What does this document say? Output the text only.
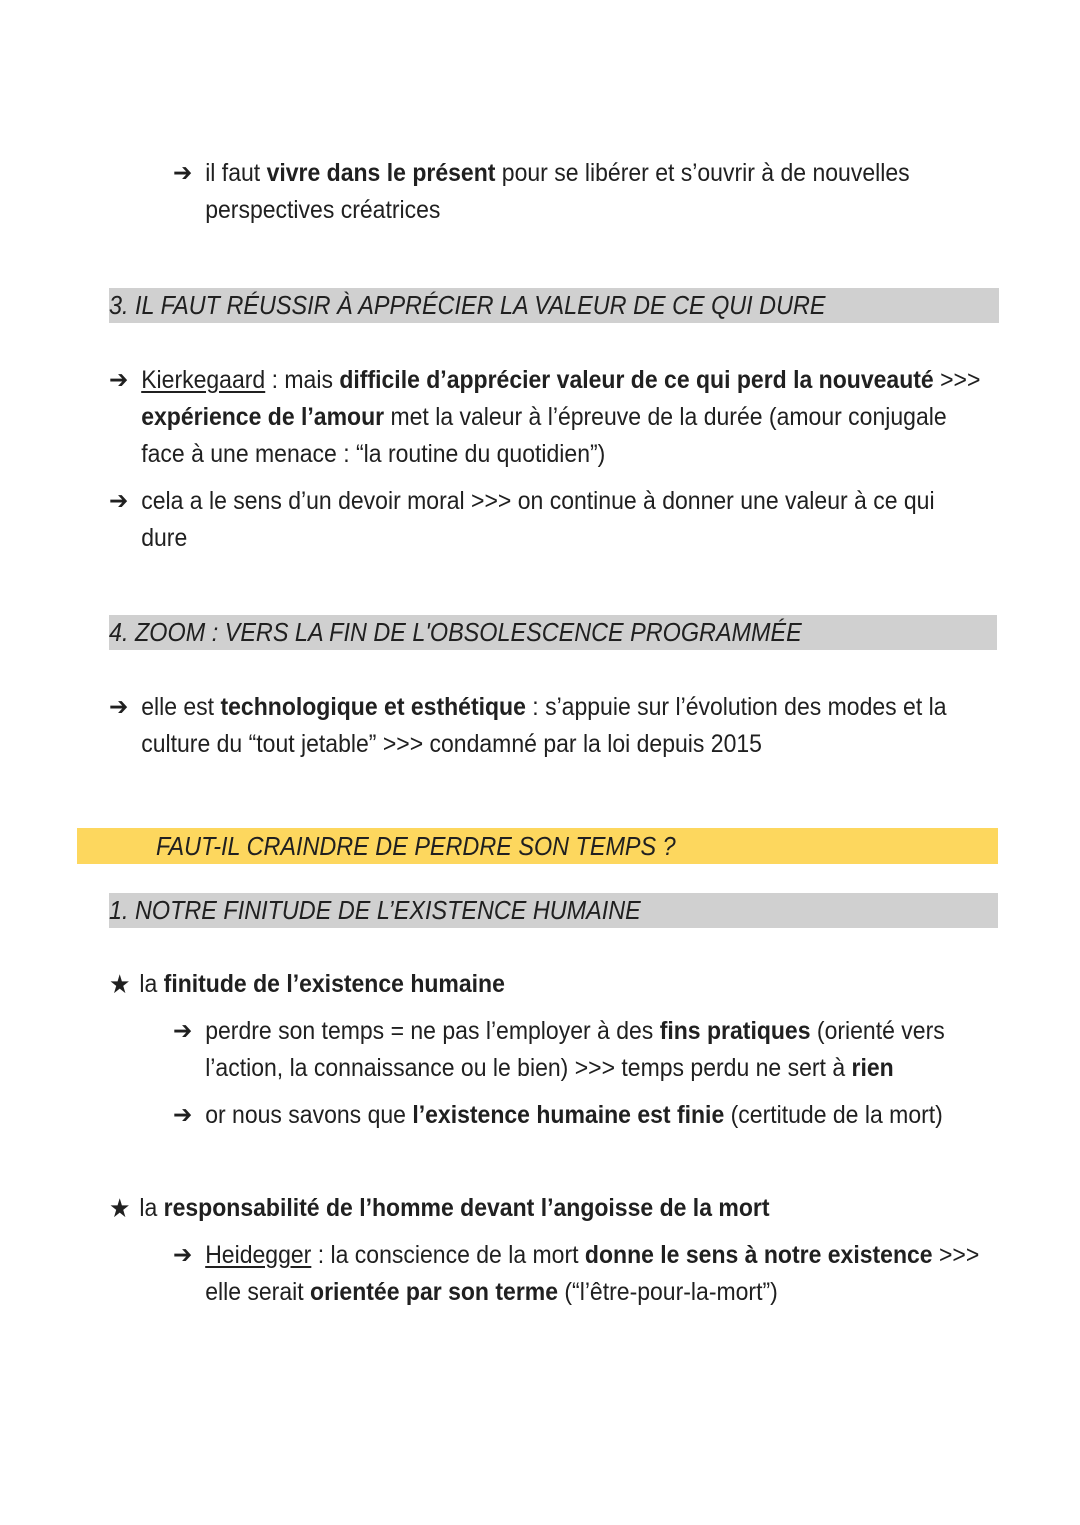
➔ il faut vivre dans le présent pour se libérer et s’ouvrir à de nouvelles
perspectives créatrices
3. IL FAUT RÉUSSIR À APPRÉCIER LA VALEUR DE CE QUI DURE
➔ Kierkegaard : mais difficile d’apprécier valeur de ce qui perd la nouveauté >>>
expérience de l’amour met la valeur à l’épreuve de la durée (amour conjugale
face à une menace : “la routine du quotidien”)
➔ cela a le sens d’un devoir moral >>> on continue à donner une valeur à ce qui
dure
4. ZOOM : VERS LA FIN DE L'OBSOLESCENCE PROGRAMMÉE
➔ elle est technologique et esthétique : s’appuie sur l’évolution des modes et la
culture du “tout jetable” >>> condamné par la loi depuis 2015
FAUT-IL CRAINDRE DE PERDRE SON TEMPS ?
1. NOTRE FINITUDE DE L’EXISTENCE HUMAINE
★ la finitude de l’existence humaine
➔ perdre son temps = ne pas l’employer à des fins pratiques (orienté vers
l’action, la connaissance ou le bien) >>> temps perdu ne sert à rien
➔ or nous savons que l’existence humaine est finie (certitude de la mort)
★ la responsabilité de l’homme devant l’angoisse de la mort
➔ Heidegger : la conscience de la mort donne le sens à notre existence >>>
elle serait orientée par son terme (“l’être-pour-la-mort”)
